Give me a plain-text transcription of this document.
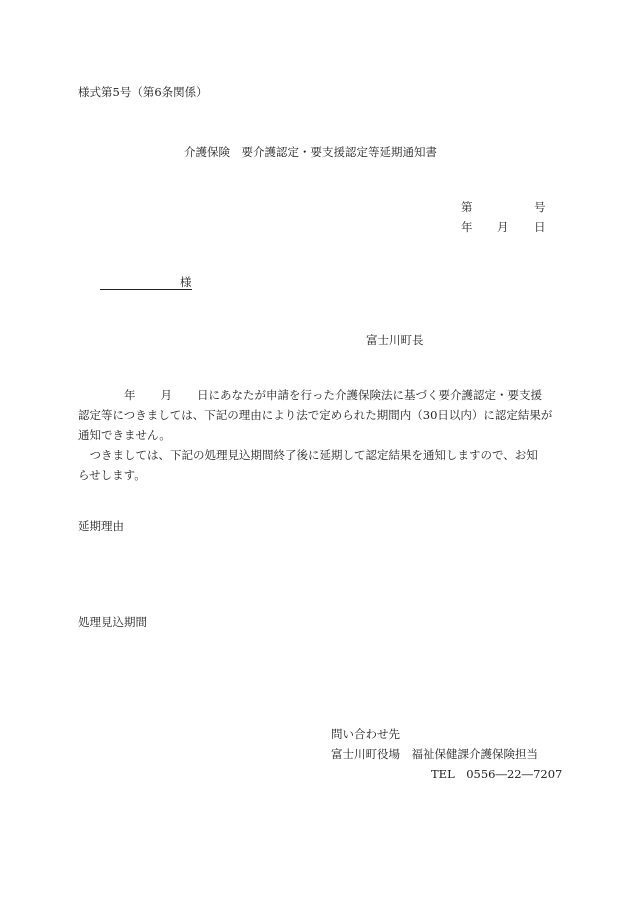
様式第5号（第6条関係）
介護保険　要介護認定・要支援認定等延期通知書
第	号
年 月 日
様
富士川町長

年 月 日にあなたが申請を行った介護保険法に基づく要介護認定・要支援

認定等につきましては、下記の理由により法で定められた期間内（30日以内）に認定結果が

通知できません。

　つきましては、下記の処理見込期間終了後に延期して認定結果を通知しますので、お知

らせします。

延期理由
処理見込期間
問い合わせ先
富士川町役場　福祉保健課介護保険担当
TEL　0556―22―7207
